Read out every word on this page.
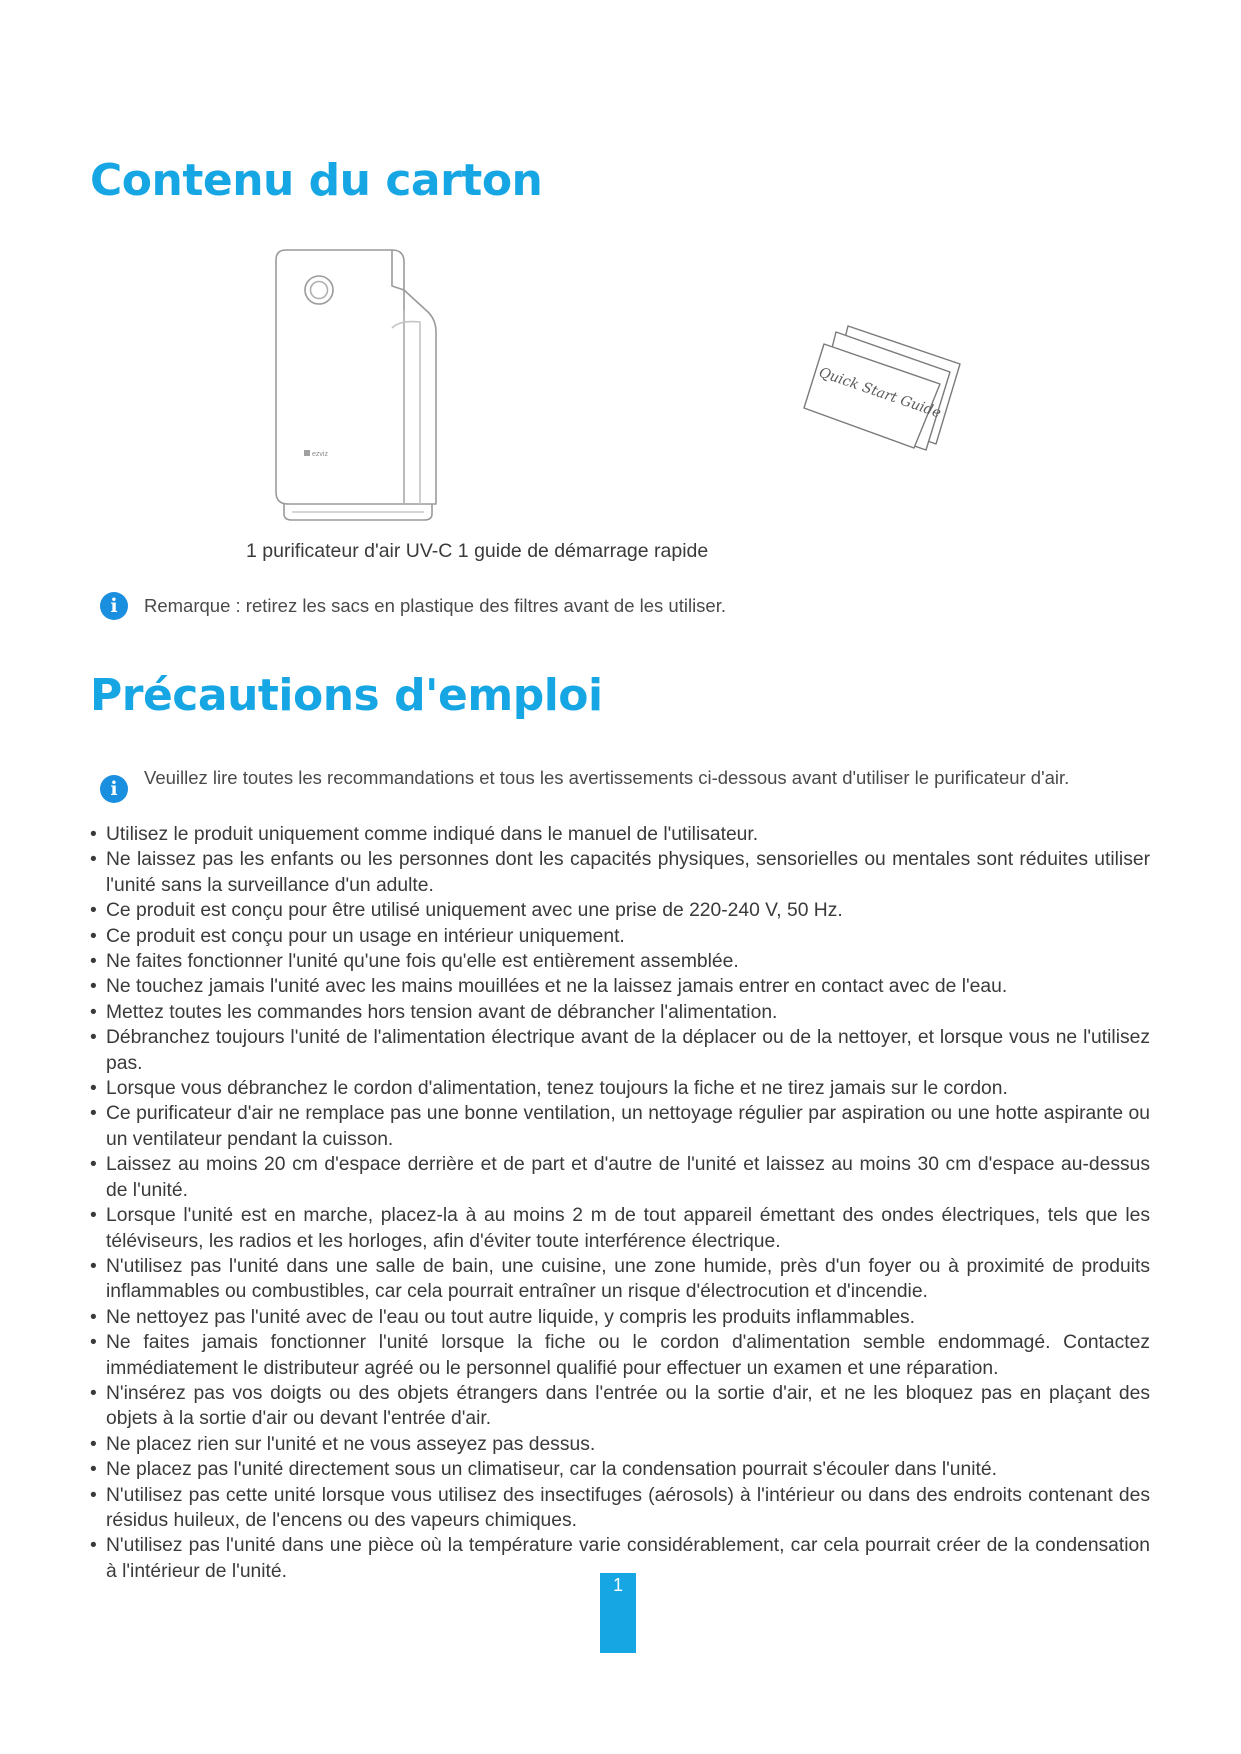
Contenu du carton
ezviz
Quick Start Guide
1 purificateur d'air UV-C 1 guide de démarrage rapide
i	Remarque : retirez les sacs en plastique des filtres avant de les utiliser.
Précautions d'emploi
i
Veuillez lire toutes les recommandations et tous les avertissements ci-dessous avant d'utiliser le purificateur d'air.
• Utilisez le produit uniquement comme indiqué dans le manuel de l'utilisateur.
• Ne laissez pas les enfants ou les personnes dont les capacités physiques, sensorielles ou mentales sont réduites utiliser l'unité sans la surveillance d'un adulte.
• Ce produit est conçu pour être utilisé uniquement avec une prise de 220-240 V, 50 Hz.
• Ce produit est conçu pour un usage en intérieur uniquement.
• Ne faites fonctionner l'unité qu'une fois qu'elle est entièrement assemblée.
• Ne touchez jamais l'unité avec les mains mouillées et ne la laissez jamais entrer en contact avec de l'eau.
• Mettez toutes les commandes hors tension avant de débrancher l'alimentation.
• Débranchez toujours l'unité de l'alimentation électrique avant de la déplacer ou de la nettoyer, et lorsque vous ne l'utilisez pas.
• Lorsque vous débranchez le cordon d'alimentation, tenez toujours la fiche et ne tirez jamais sur le cordon.
• Ce purificateur d'air ne remplace pas une bonne ventilation, un nettoyage régulier par aspiration ou une hotte aspirante ou un ventilateur pendant la cuisson.
• Laissez au moins 20 cm d'espace derrière et de part et d'autre de l'unité et laissez au moins 30 cm d'espace au-dessus de l'unité.
• Lorsque l'unité est en marche, placez-la à au moins 2 m de tout appareil émettant des ondes électriques, tels que les téléviseurs, les radios et les horloges, afin d'éviter toute interférence électrique.
• N'utilisez pas l'unité dans une salle de bain, une cuisine, une zone humide, près d'un foyer ou à proximité de produits inflammables ou combustibles, car cela pourrait entraîner un risque d'électrocution et d'incendie.
• Ne nettoyez pas l'unité avec de l'eau ou tout autre liquide, y compris les produits inflammables.
• Ne faites jamais fonctionner l'unité lorsque la fiche ou le cordon d'alimentation semble endommagé. Contactez immédiatement le distributeur agréé ou le personnel qualifié pour effectuer un examen et une réparation.
• N'insérez pas vos doigts ou des objets étrangers dans l'entrée ou la sortie d'air, et ne les bloquez pas en plaçant des objets à la sortie d'air ou devant l'entrée d'air.
• Ne placez rien sur l'unité et ne vous asseyez pas dessus.
• Ne placez pas l'unité directement sous un climatiseur, car la condensation pourrait s'écouler dans l'unité.
• N'utilisez pas cette unité lorsque vous utilisez des insectifuges (aérosols) à l'intérieur ou dans des endroits contenant des résidus huileux, de l'encens ou des vapeurs chimiques.
• N'utilisez pas l'unité dans une pièce où la température varie considérablement, car cela pourrait créer de la condensation à l'intérieur de l'unité.
1
